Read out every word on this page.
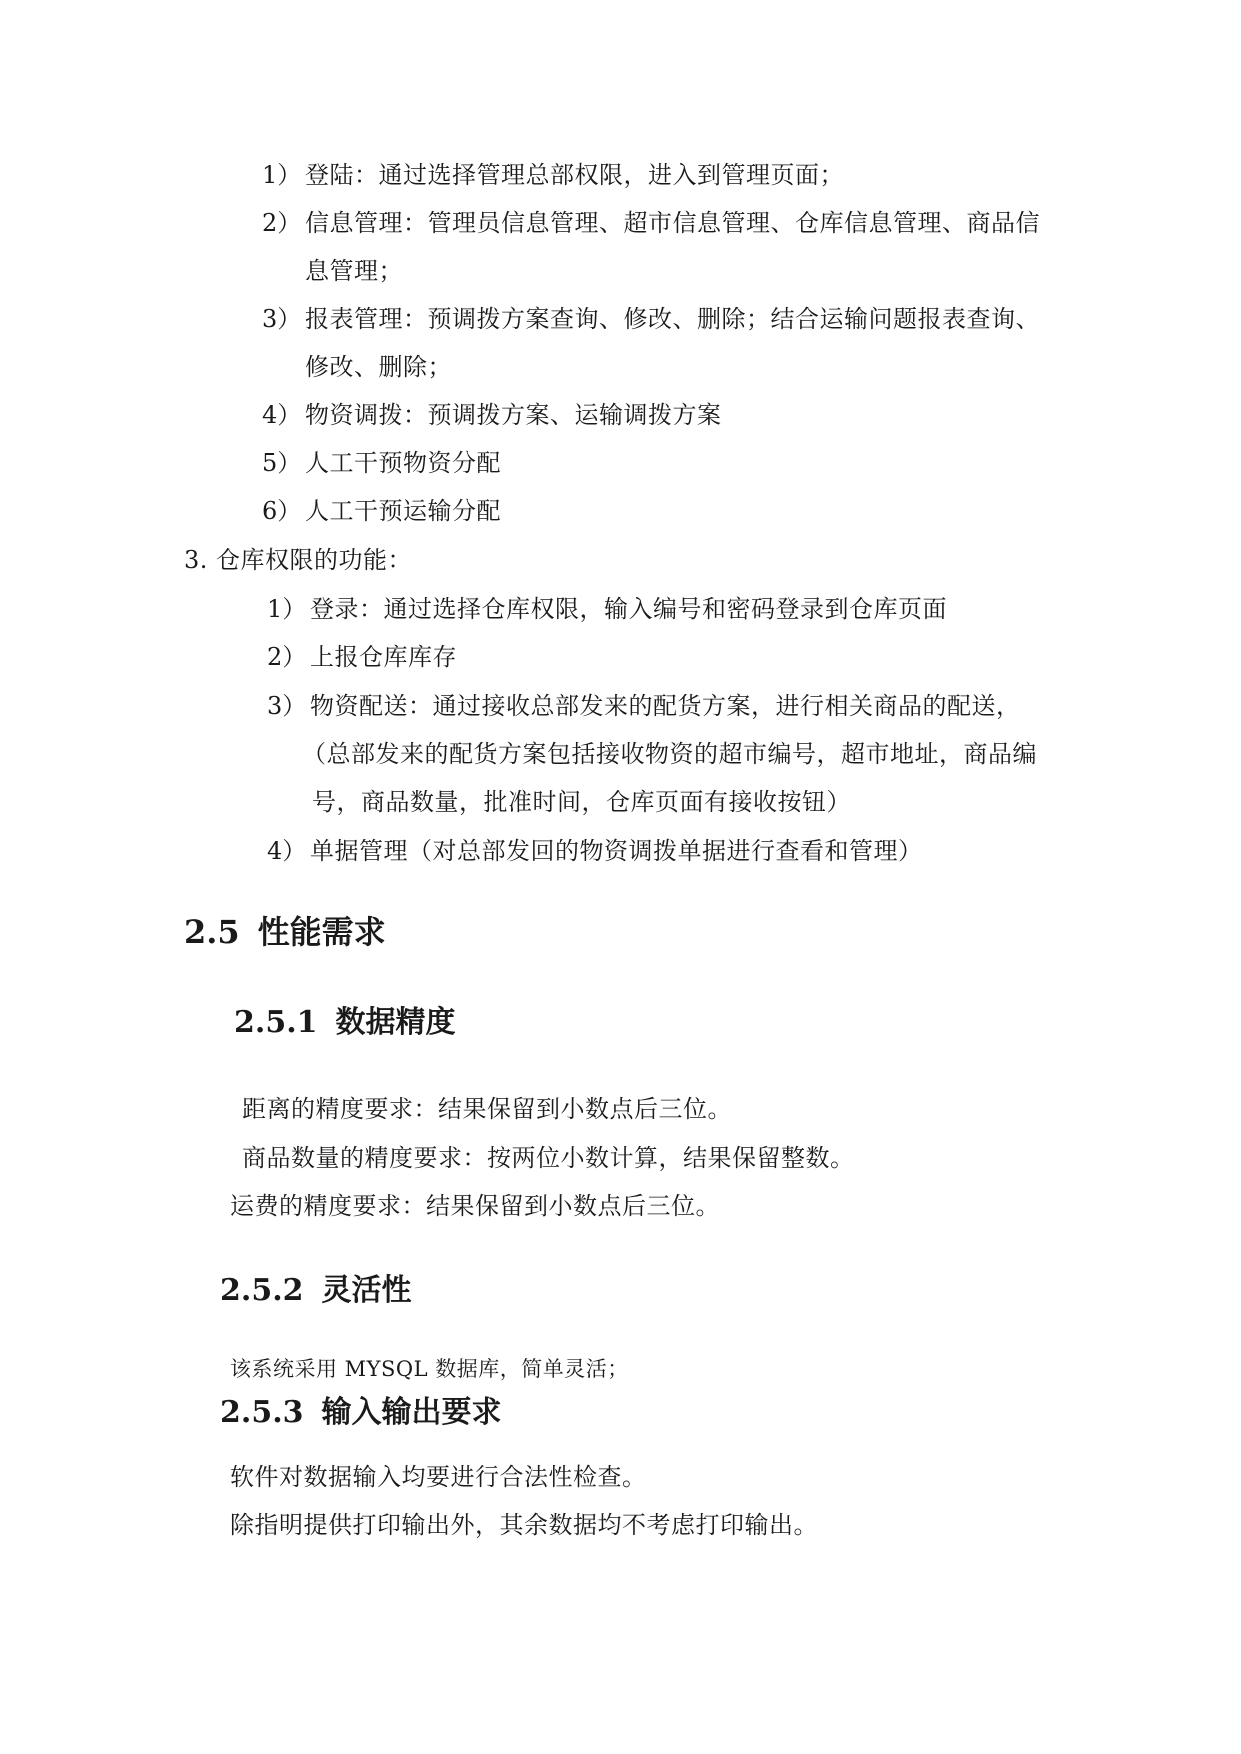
1） 登陆：通过选择管理总部权限，进入到管理页面；
2） 信息管理：管理员信息管理、超市信息管理、仓库信息管理、商品信
息管理；
3） 报表管理：预调拨方案查询、修改、删除；结合运输问题报表查询、
修改、删除；
4） 物资调拨：预调拨方案、运输调拨方案
5） 人工干预物资分配
6） 人工干预运输分配
3. 仓库权限的功能：
1） 登录：通过选择仓库权限，输入编号和密码登录到仓库页面
2） 上报仓库库存
3） 物资配送：通过接收总部发来的配货方案，进行相关商品的配送，
（总部发来的配货方案包括接收物资的超市编号，超市地址，商品编
号，商品数量，批准时间，仓库页面有接收按钮）
4） 单据管理（对总部发回的物资调拨单据进行查看和管理）
2.5 性能需求
2.5.1 数据精度
距离的精度要求：结果保留到小数点后三位。
商品数量的精度要求：按两位小数计算，结果保留整数。
运费的精度要求：结果保留到小数点后三位。
2.5.2 灵活性
该系统采用 MYSQL 数据库，简单灵活；
2.5.3 输入输出要求
软件对数据输入均要进行合法性检查。
除指明提供打印输出外，其余数据均不考虑打印输出。
